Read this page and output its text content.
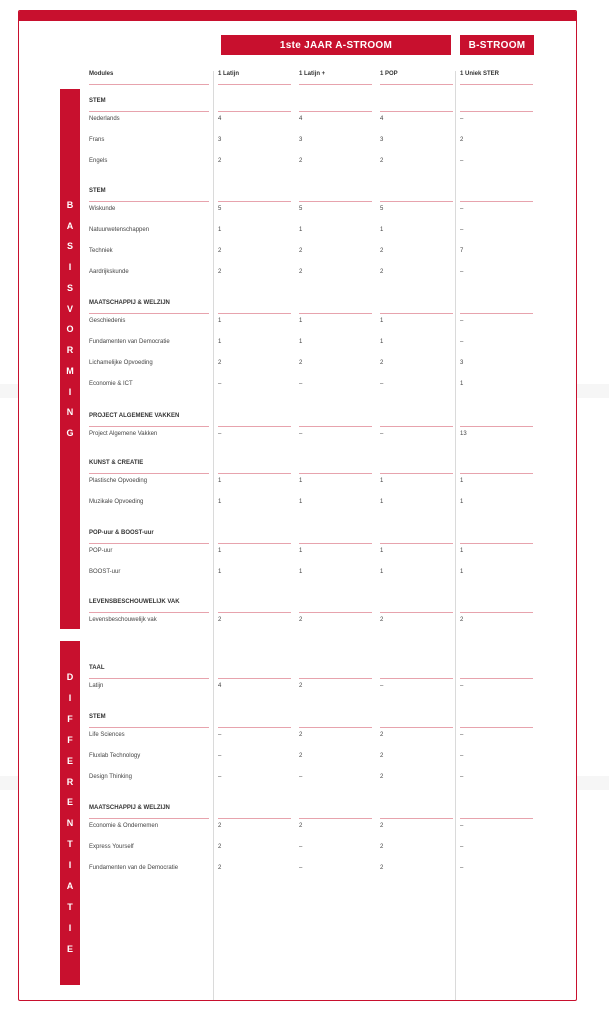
1ste JAAR A-STROOM	B-STROOM
B
A
S
I
S
V
O
R
M
I
N
G
D
I
F
F
E
R
E
N
T
I
A
T
I
E
Modules	1 Latijn	1 Latijn +	1 POP	1 Uniek STER
STEM
Nederlands	4	4	4	–
Frans	3	3	3	2
Engels	2	2	2	–
STEM
Wiskunde	5	5	5	–
Natuurwetenschappen	1	1	1	–
Techniek	2	2	2	7
Aardrijkskunde	2	2	2	–
MAATSCHAPPIJ & WELZIJN
Geschiedenis	1	1	1	–
Fundamenten van Democratie	1	1	1	–
Lichamelijke Opvoeding	2	2	2	3
Economie & ICT	–	–	–	1
PROJECT ALGEMENE VAKKEN
Project Algemene Vakken	–	–	–	13
KUNST & CREATIE
Plastische Opvoeding	1	1	1	1
Muzikale Opvoeding	1	1	1	1
POP-uur & BOOST-uur
POP-uur	1	1	1	1
BOOST-uur	1	1	1	1
LEVENSBESCHOUWELIJK VAK
Levensbeschouwelijk vak	2	2	2	2
TAAL
Latijn	4	2	–	–
STEM
Life Sciences	–	2	2	–
Fluxlab Technology	–	2	2	–
Design Thinking	–	–	2	–
MAATSCHAPPIJ & WELZIJN
Economie & Ondernemen	2	2	2	–
Express Yourself	2	–	2	–
Fundamenten van de Democratie	2	–	2	–
